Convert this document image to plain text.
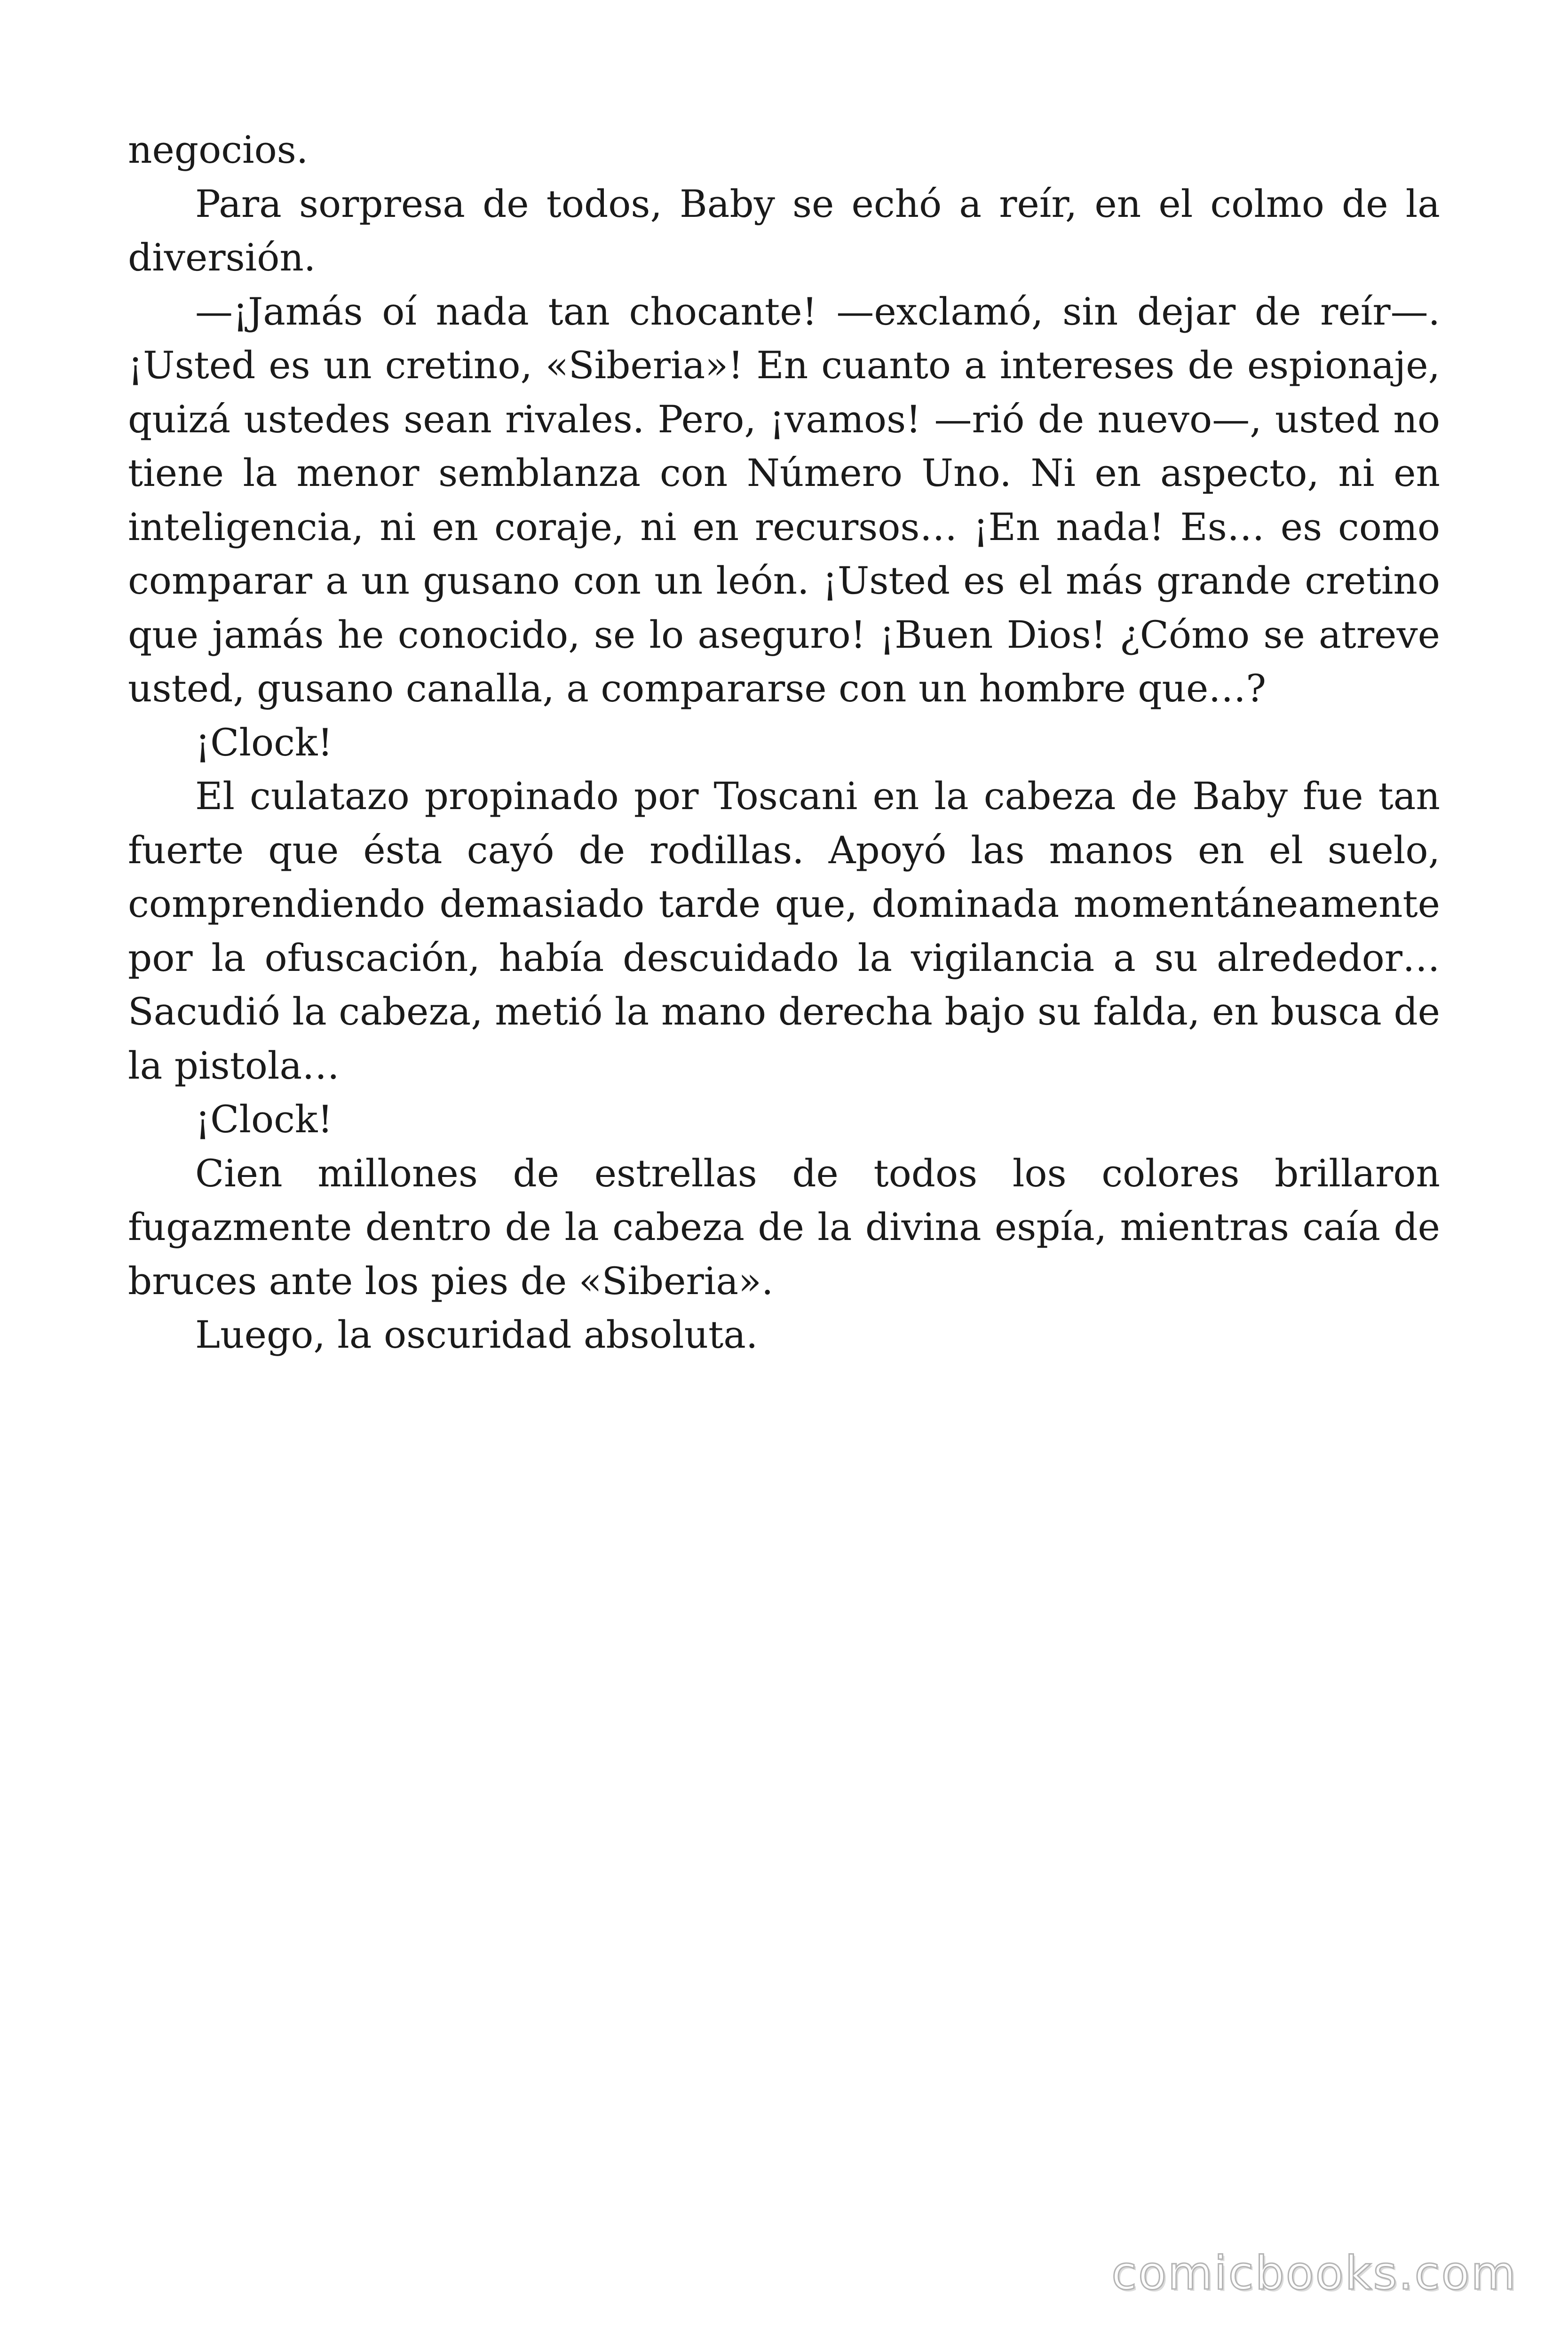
negocios.

Para sorpresa de todos, Baby se echó a reír, en el colmo de la diversión.

—¡Jamás oí nada tan chocante! —exclamó, sin dejar de reír—. ¡Usted es un cretino, «Siberia»! En cuanto a intereses de espionaje, quizá ustedes sean rivales. Pero, ¡vamos! —rió de nuevo—, usted no tiene la menor semblanza con Número Uno. Ni en aspecto, ni en inteligencia, ni en coraje, ni en recursos… ¡En nada! Es… es como comparar a un gusano con un león. ¡Usted es el más grande cretino que jamás he conocido, se lo aseguro! ¡Buen Dios! ¿Cómo se atreve usted, gusano canalla, a compararse con un hombre que…?

¡Clock!

El culatazo propinado por Toscani en la cabeza de Baby fue tan fuerte que ésta cayó de rodillas. Apoyó las manos en el suelo, comprendiendo demasiado tarde que, dominada momentáneamente por la ofuscación, había descuidado la vigilancia a su alrededor… Sacudió la cabeza, metió la mano derecha bajo su falda, en busca de la pistola…

¡Clock!

Cien millones de estrellas de todos los colores brillaron fugazmente dentro de la cabeza de la divina espía, mientras caía de bruces ante los pies de «Siberia».

Luego, la oscuridad absoluta.

comicbooks.com
